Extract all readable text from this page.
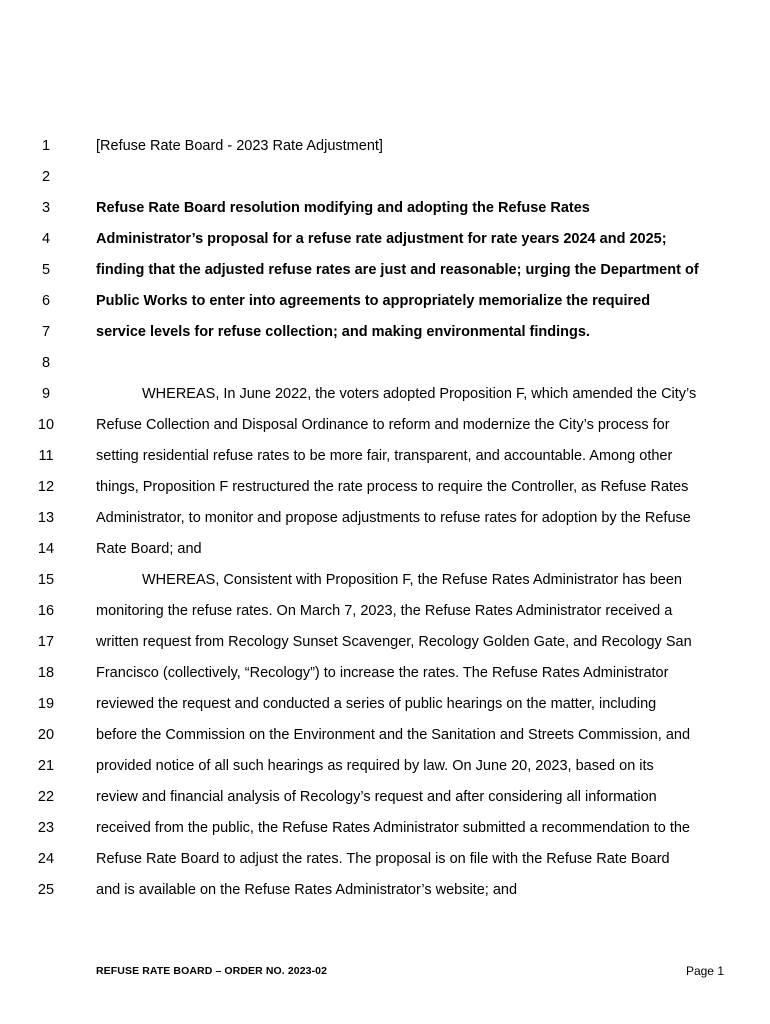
1	[Refuse Rate Board - 2023 Rate Adjustment]
2
3	Refuse Rate Board resolution modifying and adopting the Refuse Rates
4	Administrator’s proposal for a refuse rate adjustment for rate years 2024 and 2025;
5	finding that the adjusted refuse rates are just and reasonable; urging the Department of
6	Public Works to enter into agreements to appropriately memorialize the required
7	service levels for refuse collection; and making environmental findings.
8
9	WHEREAS, In June 2022, the voters adopted Proposition F, which amended the City’s
10	Refuse Collection and Disposal Ordinance to reform and modernize the City’s process for
11	setting residential refuse rates to be more fair, transparent, and accountable. Among other
12	things, Proposition F restructured the rate process to require the Controller, as Refuse Rates
13	Administrator, to monitor and propose adjustments to refuse rates for adoption by the Refuse
14	Rate Board; and
15	WHEREAS, Consistent with Proposition F, the Refuse Rates Administrator has been
16	monitoring the refuse rates. On March 7, 2023, the Refuse Rates Administrator received a
17	written request from Recology Sunset Scavenger, Recology Golden Gate, and Recology San
18	Francisco (collectively, “Recology”) to increase the rates. The Refuse Rates Administrator
19	reviewed the request and conducted a series of public hearings on the matter, including
20	before the Commission on the Environment and the Sanitation and Streets Commission, and
21	provided notice of all such hearings as required by law. On June 20, 2023, based on its
22	review and financial analysis of Recology’s request and after considering all information
23	received from the public, the Refuse Rates Administrator submitted a recommendation to the
24	Refuse Rate Board to adjust the rates. The proposal is on file with the Refuse Rate Board
25	and is available on the Refuse Rates Administrator’s website; and
REFUSE RATE BOARD – ORDER NO. 2023-02	Page 1
